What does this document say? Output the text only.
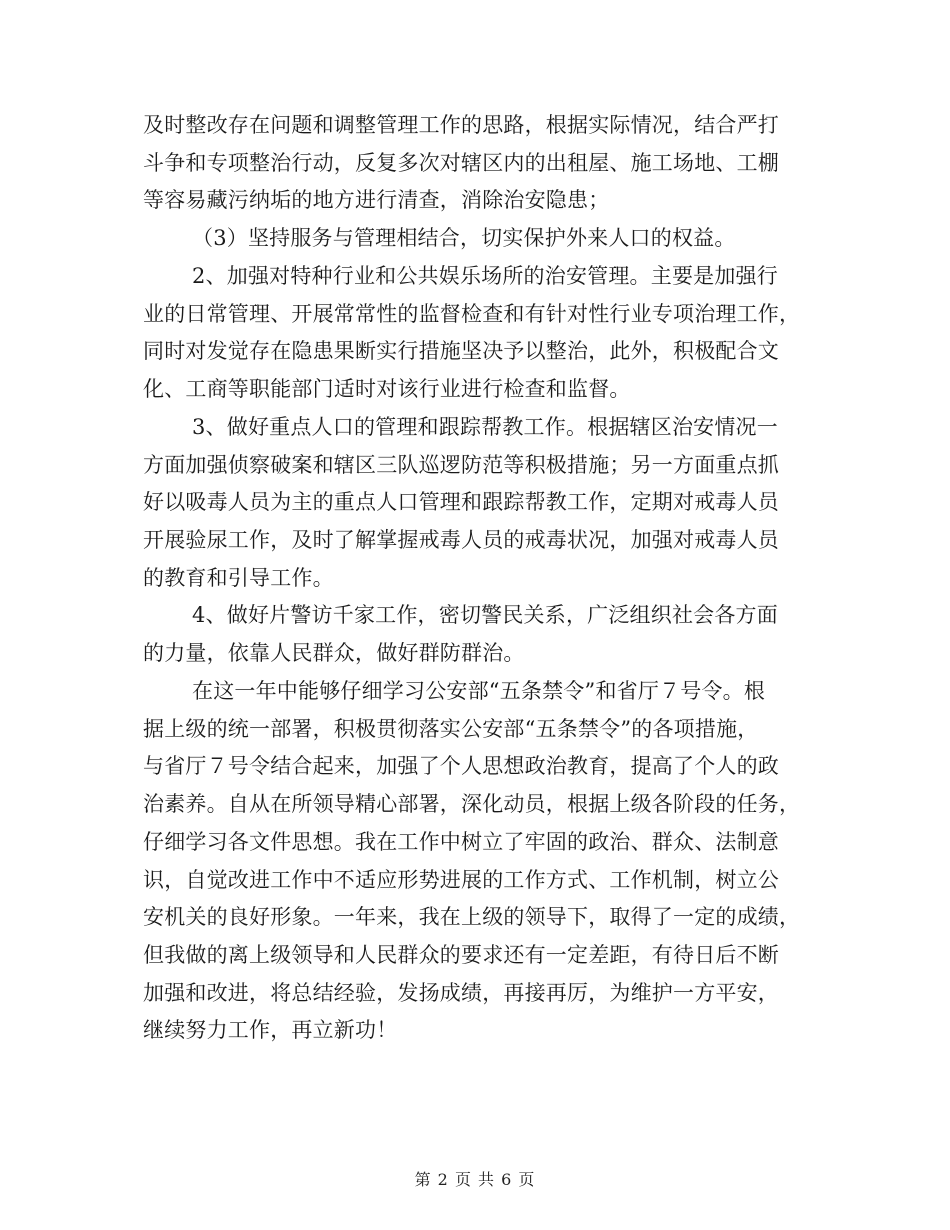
及时整改存在问题和调整管理工作的思路，根据实际情况，结合严打
斗争和专项整治行动，反复多次对辖区内的出租屋、施工场地、工棚
等容易藏污纳垢的地方进行清查，消除治安隐患；
（3）坚持服务与管理相结合，切实保护外来人口的权益。
2、加强对特种行业和公共娱乐场所的治安管理。主要是加强行
业的日常管理、开展常常性的监督检查和有针对性行业专项治理工作，
同时对发觉存在隐患果断实行措施坚决予以整治，此外，积极配合文
化、工商等职能部门适时对该行业进行检查和监督。
3、做好重点人口的管理和跟踪帮教工作。根据辖区治安情况一
方面加强侦察破案和辖区三队巡逻防范等积极措施；另一方面重点抓
好以吸毒人员为主的重点人口管理和跟踪帮教工作，定期对戒毒人员
开展验尿工作，及时了解掌握戒毒人员的戒毒状况，加强对戒毒人员
的教育和引导工作。
4、做好片警访千家工作，密切警民关系，广泛组织社会各方面
的力量，依靠人民群众，做好群防群治。
在这一年中能够仔细学习公安部“五条禁令”和省厅７号令。根
据上级的统一部署，积极贯彻落实公安部“五条禁令”的各项措施，
与省厅７号令结合起来，加强了个人思想政治教育，提高了个人的政
治素养。自从在所领导精心部署，深化动员，根据上级各阶段的任务，
仔细学习各文件思想。我在工作中树立了牢固的政治、群众、法制意
识，自觉改进工作中不适应形势进展的工作方式、工作机制，树立公
安机关的良好形象。一年来，我在上级的领导下，取得了一定的成绩，
但我做的离上级领导和人民群众的要求还有一定差距，有待日后不断
加强和改进，将总结经验，发扬成绩，再接再厉，为维护一方平安，
继续努力工作，再立新功！
第 2 页 共 6 页
